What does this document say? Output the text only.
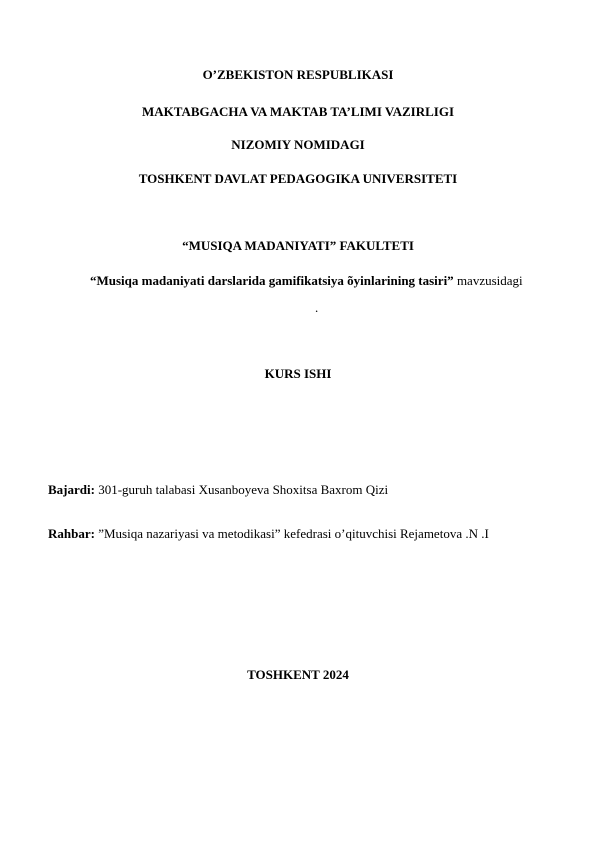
O’ZBEKISTON RESPUBLIKASI
MAKTABGACHA VA MAKTAB TA’LIMI VAZIRLIGI
NIZOMIY NOMIDAGI
TOSHKENT DAVLAT PEDAGOGIKA UNIVERSITETI
“MUSIQA MADANIYATI” FAKULTETI
“Musiqa madaniyati darslarida gamifikatsiya õyinlarining tasiri” mavzusidagi
.
KURS ISHI
Bajardi: 301-guruh talabasi Xusanboyeva Shoxitsa Baxrom Qizi
Rahbar: ”Musiqa nazariyasi va metodikasi” kefedrasi o’qituvchisi Rejametova .N .I
TOSHKENT 2024
